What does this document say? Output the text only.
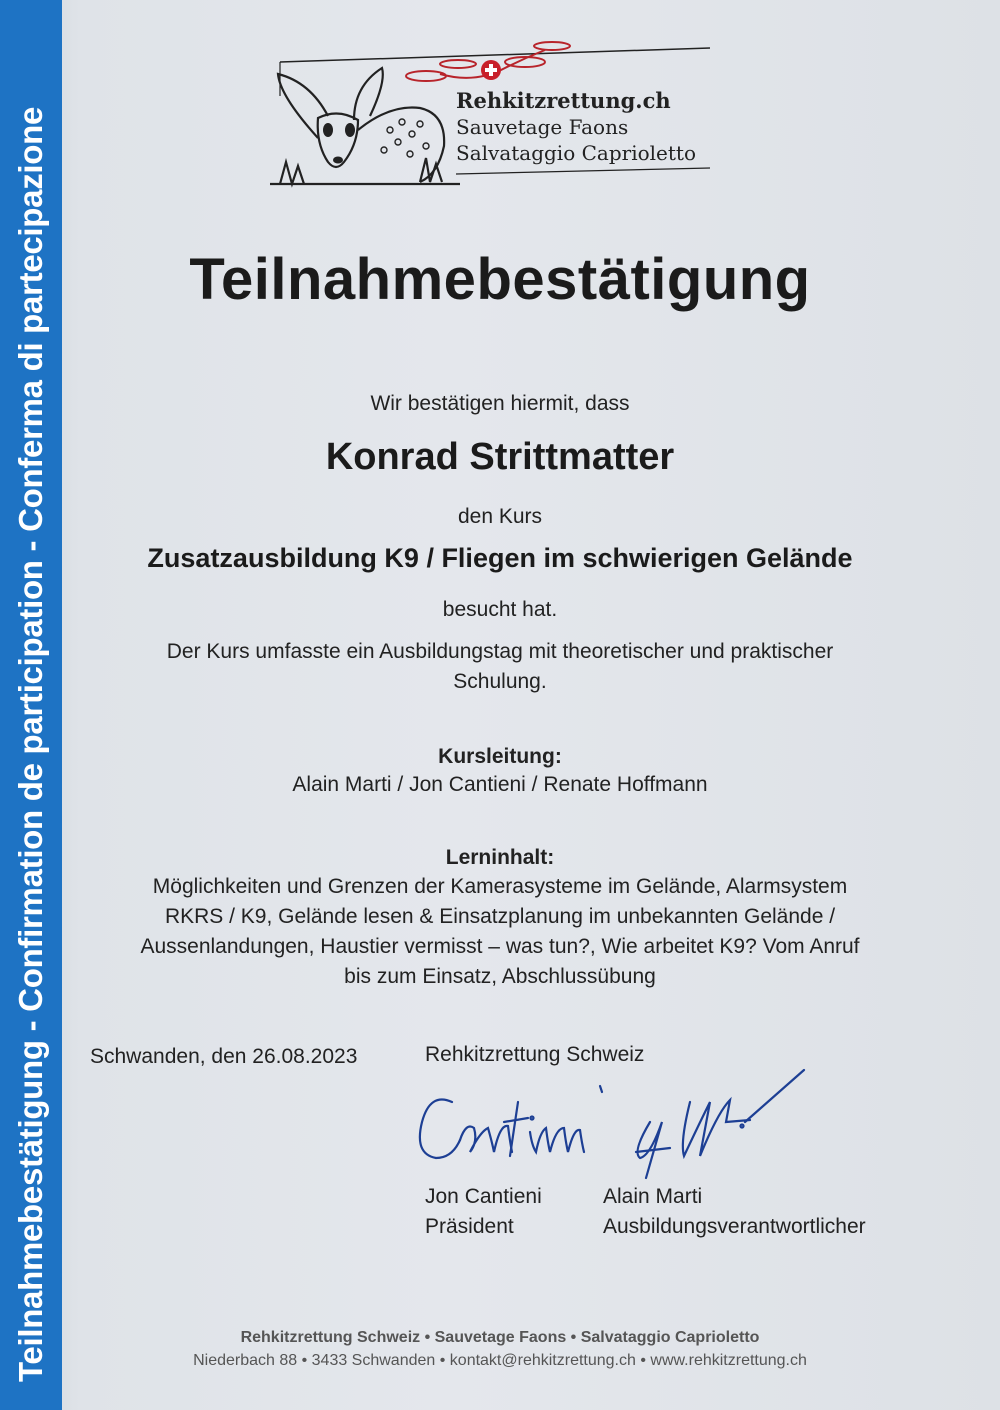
Teilnahmebestätigung - Confirmation de participation - Conferma di partecipazione
Rehkitzrettung.ch
Sauvetage Faons
Salvataggio Caprioletto
Teilnahmebestätigung
Wir bestätigen hiermit, dass
Konrad Strittmatter
den Kurs
Zusatzausbildung K9 / Fliegen im schwierigen Gelände
besucht hat.
Der Kurs umfasste ein Ausbildungstag mit theoretischer und praktischer
Schulung.
Kursleitung:
Alain Marti / Jon Cantieni / Renate Hoffmann
Lerninhalt:
Möglichkeiten und Grenzen der Kamerasysteme im Gelände, Alarmsystem
RKRS / K9, Gelände lesen & Einsatzplanung im unbekannten Gelände /
Aussenlandungen, Haustier vermisst – was tun?, Wie arbeitet K9? Vom Anruf
bis zum Einsatz, Abschlussübung
Schwanden, den 26.08.2023	Rehkitzrettung Schweiz
Jon Cantieni
Präsident
Alain Marti
Ausbildungsverantwortlicher
Rehkitzrettung Schweiz • Sauvetage Faons • Salvataggio Caprioletto
Niederbach 88 • 3433 Schwanden • kontakt@rehkitzrettung.ch • www.rehkitzrettung.ch
